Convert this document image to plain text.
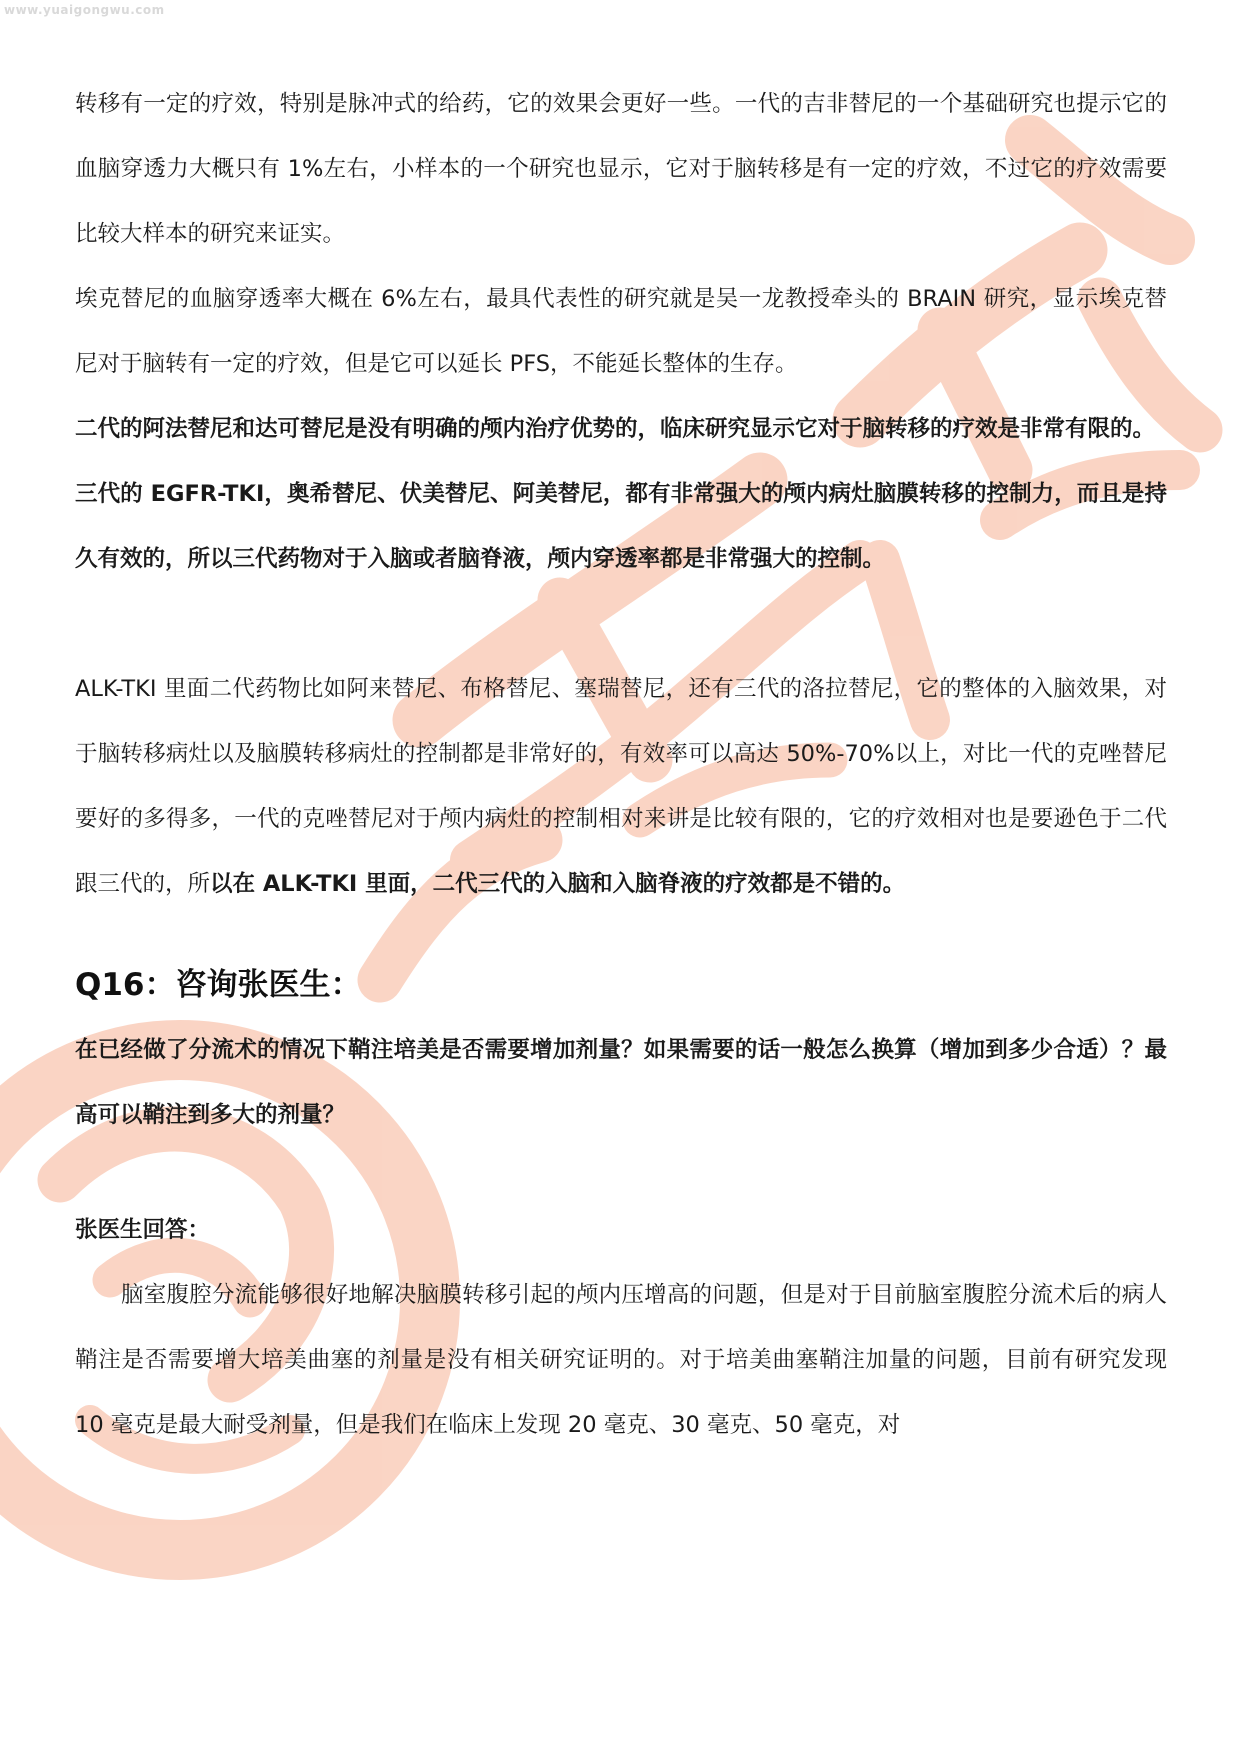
www.yuaigongwu.com

转移有一定的疗效，特别是脉冲式的给药，它的效果会更好一些。一代的吉非替尼的一个基础研究也提示它的血脑穿透力大概只有 1%左右，小样本的一个研究也显示，它对于脑转移是有一定的疗效，不过它的疗效需要比较大样本的研究来证实。

埃克替尼的血脑穿透率大概在 6%左右，最具代表性的研究就是吴一龙教授牵头的 BRAIN 研究，显示埃克替尼对于脑转有一定的疗效，但是它可以延长 PFS，不能延长整体的生存。

二代的阿法替尼和达可替尼是没有明确的颅内治疗优势的，临床研究显示它对于脑转移的疗效是非常有限的。

三代的 EGFR-TKI，奥希替尼、伏美替尼、阿美替尼，都有非常强大的颅内病灶脑膜转移的控制力，而且是持久有效的，所以三代药物对于入脑或者脑脊液，颅内穿透率都是非常强大的控制。

ALK-TKI 里面二代药物比如阿来替尼、布格替尼、塞瑞替尼，还有三代的洛拉替尼，它的整体的入脑效果，对于脑转移病灶以及脑膜转移病灶的控制都是非常好的，有效率可以高达 50%-70%以上，对比一代的克唑替尼要好的多得多，一代的克唑替尼对于颅内病灶的控制相对来讲是比较有限的，它的疗效相对也是要逊色于二代跟三代的，所以在 ALK-TKI 里面，二代三代的入脑和入脑脊液的疗效都是不错的。

Q16：咨询张医生：

在已经做了分流术的情况下鞘注培美是否需要增加剂量？如果需要的话一般怎么换算（增加到多少合适）？最高可以鞘注到多大的剂量？

张医生回答：

脑室腹腔分流能够很好地解决脑膜转移引起的颅内压增高的问题，但是对于目前脑室腹腔分流术后的病人鞘注是否需要增大培美曲塞的剂量是没有相关研究证明的。对于培美曲塞鞘注加量的问题，目前有研究发现 10 毫克是最大耐受剂量，但是我们在临床上发现 20 毫克、30 毫克、50 毫克，对
